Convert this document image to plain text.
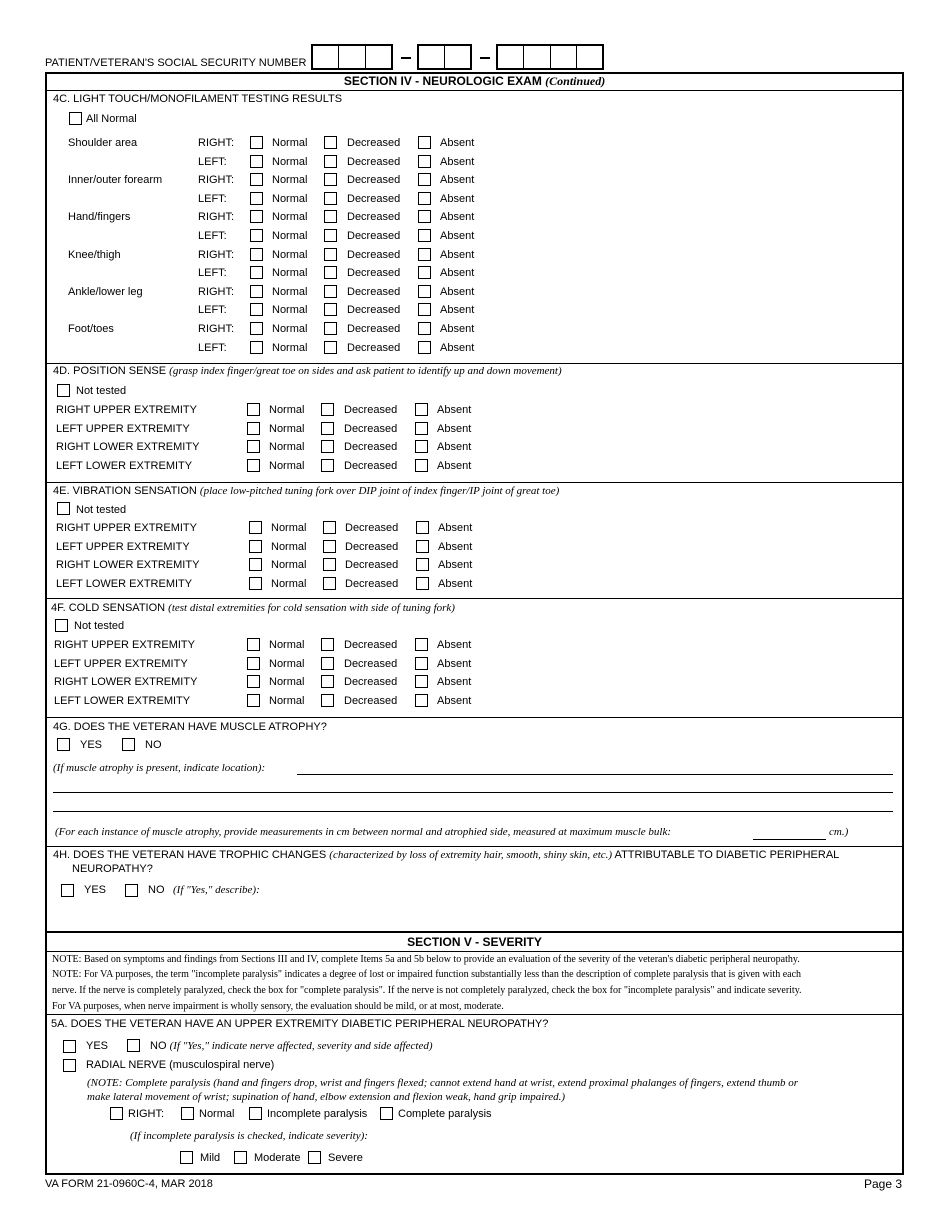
PATIENT/VETERAN'S SOCIAL SECURITY NUMBER
SECTION IV - NEUROLOGIC EXAM (Continued)
4C. LIGHT TOUCH/MONOFILAMENT TESTING RESULTS
All Normal
Shoulder area	RIGHT:	Normal	Decreased	Absent
LEFT:	Normal	Decreased	Absent
Inner/outer forearm	RIGHT:	Normal	Decreased	Absent
LEFT:	Normal	Decreased	Absent
Hand/fingers	RIGHT:	Normal	Decreased	Absent
LEFT:	Normal	Decreased	Absent
Knee/thigh	RIGHT:	Normal	Decreased	Absent
LEFT:	Normal	Decreased	Absent
Ankle/lower leg	RIGHT:	Normal	Decreased	Absent
LEFT:	Normal	Decreased	Absent
Foot/toes	RIGHT:	Normal	Decreased	Absent
LEFT:	Normal	Decreased	Absent
4D. POSITION SENSE (grasp index finger/great toe on sides and ask patient to identify up and down movement)
Not tested
RIGHT UPPER EXTREMITY	Normal	Decreased	Absent
LEFT UPPER EXTREMITY	Normal	Decreased	Absent
RIGHT LOWER EXTREMITY	Normal	Decreased	Absent
LEFT LOWER EXTREMITY	Normal	Decreased	Absent
4E. VIBRATION SENSATION (place low-pitched tuning fork over DIP joint of index finger/IP joint of great toe)
Not tested
RIGHT UPPER EXTREMITY	Normal	Decreased	Absent
LEFT UPPER EXTREMITY	Normal	Decreased	Absent
RIGHT LOWER EXTREMITY	Normal	Decreased	Absent
LEFT LOWER EXTREMITY	Normal	Decreased	Absent
4F. COLD SENSATION (test distal extremities for cold sensation with side of tuning fork)
Not tested
RIGHT UPPER EXTREMITY	Normal	Decreased	Absent
LEFT UPPER EXTREMITY	Normal	Decreased	Absent
RIGHT LOWER EXTREMITY	Normal	Decreased	Absent
LEFT LOWER EXTREMITY	Normal	Decreased	Absent
4G. DOES THE VETERAN HAVE MUSCLE ATROPHY?
YES	NO
(If muscle atrophy is present, indicate location):
(For each instance of muscle atrophy, provide measurements in cm between normal and atrophied side, measured at maximum muscle bulk:	cm.)
4H. DOES THE VETERAN HAVE TROPHIC CHANGES (characterized by loss of extremity hair, smooth, shiny skin, etc.) ATTRIBUTABLE TO DIABETIC PERIPHERAL
NEUROPATHY?
YES	NO (If "Yes," describe):
SECTION V - SEVERITY
NOTE: Based on symptoms and findings from Sections III and IV, complete Items 5a and 5b below to provide an evaluation of the severity of the veteran's diabetic peripheral neuropathy.
NOTE: For VA purposes, the term "incomplete paralysis" indicates a degree of lost or impaired function substantially less than the description of complete paralysis that is given with each
nerve. If the nerve is completely paralyzed, check the box for "complete paralysis". If the nerve is not completely paralyzed, check the box for "incomplete paralysis" and indicate severity.
For VA purposes, when nerve impairment is wholly sensory, the evaluation should be mild, or at most, moderate.
5A. DOES THE VETERAN HAVE AN UPPER EXTREMITY DIABETIC PERIPHERAL NEUROPATHY?
YES	NO (If "Yes," indicate nerve affected, severity and side affected)
RADIAL NERVE (musculospiral nerve)
(NOTE: Complete paralysis (hand and fingers drop, wrist and fingers flexed; cannot extend hand at wrist, extend proximal phalanges of fingers, extend thumb or
make lateral movement of wrist; supination of hand, elbow extension and flexion weak, hand grip impaired.)
RIGHT:	Normal	Incomplete paralysis	Complete paralysis
(If incomplete paralysis is checked, indicate severity):
Mild	Moderate	Severe
VA FORM 21-0960C-4, MAR 2018	Page 3
